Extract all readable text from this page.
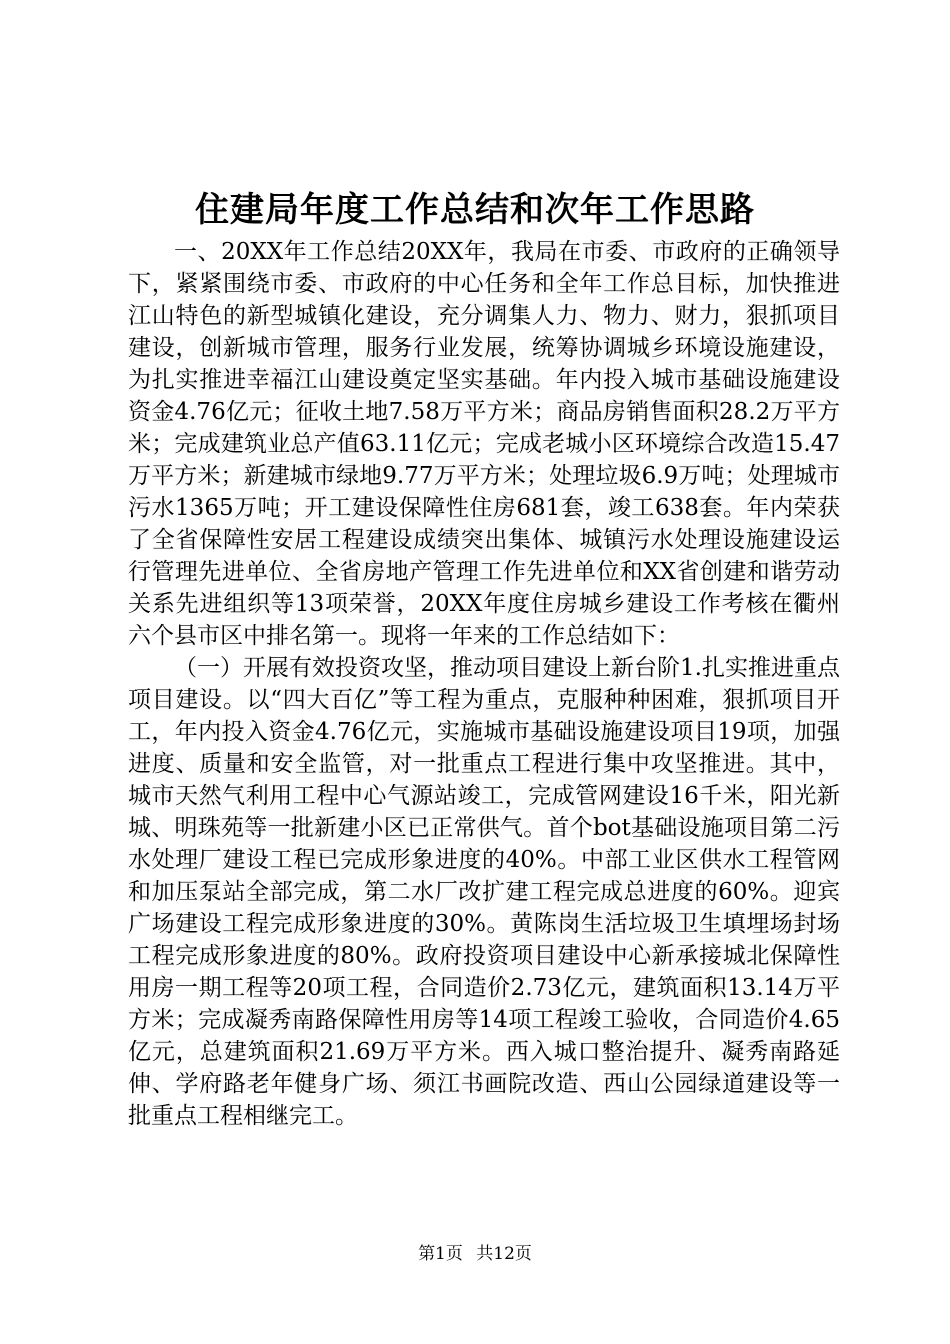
住建局年度工作总结和次年工作思路

一、20XX年工作总结20XX年，我局在市委、市政府的正确领导下，紧紧围绕市委、市政府的中心任务和全年工作总目标，加快推进江山特色的新型城镇化建设，充分调集人力、物力、财力，狠抓项目建设，创新城市管理，服务行业发展，统筹协调城乡环境设施建设，为扎实推进幸福江山建设奠定坚实基础。年内投入城市基础设施建设资金4.76亿元；征收土地7.58万平方米；商品房销售面积28.2万平方米；完成建筑业总产值63.11亿元；完成老城小区环境综合改造15.47万平方米；新建城市绿地9.77万平方米；处理垃圾6.9万吨；处理城市污水1365万吨；开工建设保障性住房681套，竣工638套。年内荣获了全省保障性安居工程建设成绩突出集体、城镇污水处理设施建设运行管理先进单位、全省房地产管理工作先进单位和XX省创建和谐劳动关系先进组织等13项荣誉，20XX年度住房城乡建设工作考核在衢州六个县市区中排名第一。现将一年来的工作总结如下：

（一）开展有效投资攻坚，推动项目建设上新台阶1.扎实推进重点项目建设。以“四大百亿”等工程为重点，克服种种困难，狠抓项目开工，年内投入资金4.76亿元，实施城市基础设施建设项目19项，加强进度、质量和安全监管，对一批重点工程进行集中攻坚推进。其中，城市天然气利用工程中心气源站竣工，完成管网建设16千米，阳光新城、明珠苑等一批新建小区已正常供气。首个bot基础设施项目第二污水处理厂建设工程已完成形象进度的40%。中部工业区供水工程管网和加压泵站全部完成，第二水厂改扩建工程完成总进度的60%。迎宾广场建设工程完成形象进度的30%。黄陈岗生活垃圾卫生填埋场封场工程完成形象进度的80%。政府投资项目建设中心新承接城北保障性用房一期工程等20项工程，合同造价2.73亿元，建筑面积13.14万平方米；完成凝秀南路保障性用房等14项工程竣工验收，合同造价4.65亿元，总建筑面积21.69万平方米。西入城口整治提升、凝秀南路延伸、学府路老年健身广场、须江书画院改造、西山公园绿道建设等一批重点工程相继完工。

第1页 共12页
